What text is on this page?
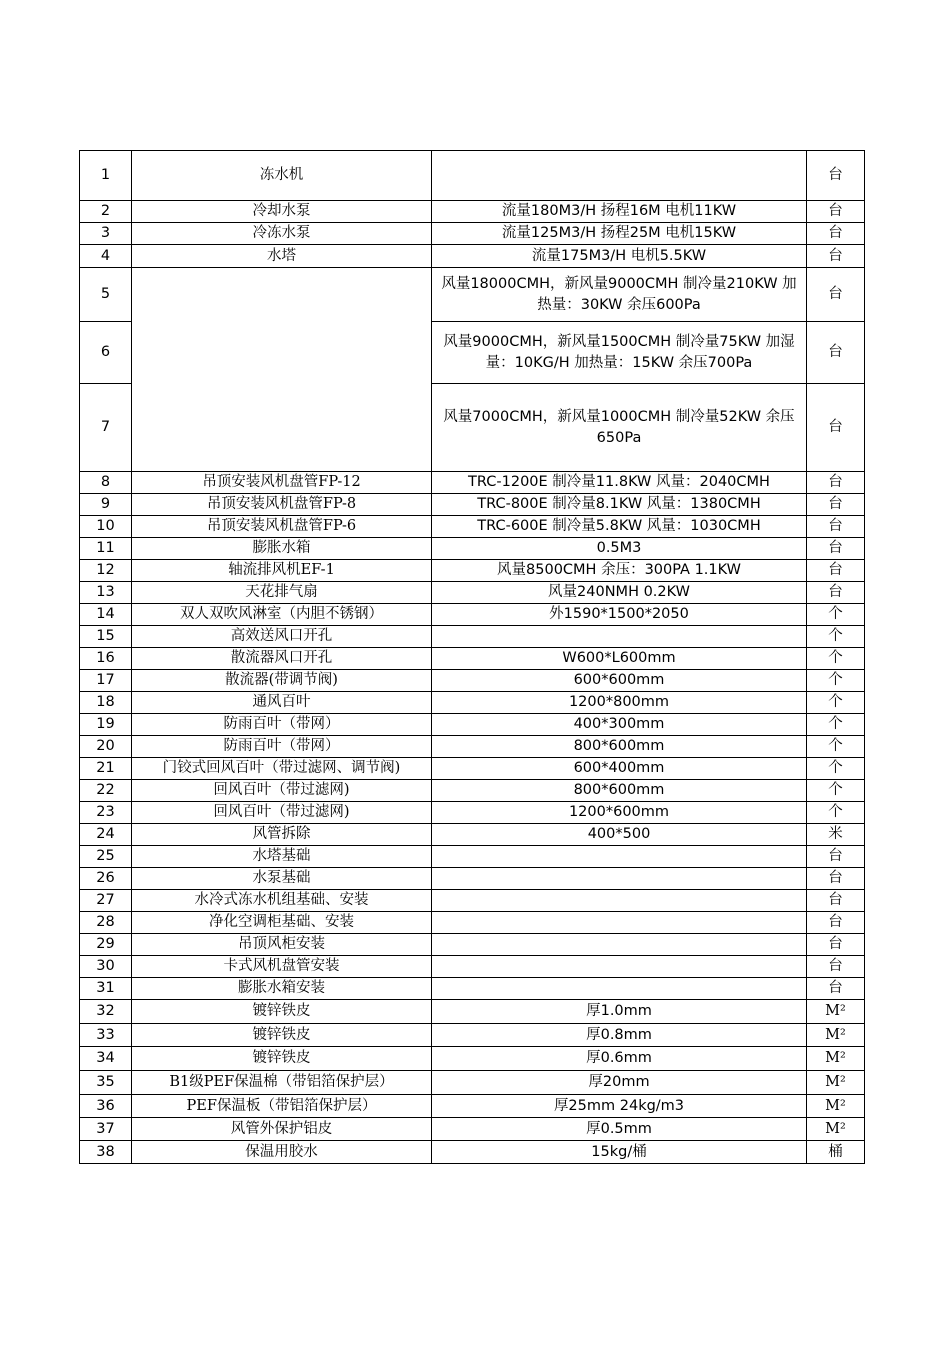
1	冻水机		台
2	冷却水泵	流量180M3/H 扬程16M 电机11KW	台
3	冷冻水泵	流量125M3/H 扬程25M 电机15KW	台
4	水塔	流量175M3/H 电机5.5KW	台
5		风量18000CMH，新风量9000CMH 制冷量210KW 加热量：30KW 余压600Pa	台
6		风量9000CMH，新风量1500CMH 制冷量75KW 加湿量：10KG/H 加热量：15KW 余压700Pa	台
7		风量7000CMH，新风量1000CMH 制冷量52KW 余压650Pa	台
8	吊顶安装风机盘管FP-12	TRC-1200E 制冷量11.8KW 风量：2040CMH	台
9	吊顶安装风机盘管FP-8	TRC-800E 制冷量8.1KW 风量：1380CMH	台
10	吊顶安装风机盘管FP-6	TRC-600E 制冷量5.8KW 风量：1030CMH	台
11	膨胀水箱	0.5M3	台
12	轴流排风机EF-1	风量8500CMH 余压：300PA 1.1KW	台
13	天花排气扇	风量240NMH 0.2KW	台
14	双人双吹风淋室（内胆不锈钢）	外1590*1500*2050	个
15	高效送风口开孔		个
16	散流器风口开孔	W600*L600mm	个
17	散流器(带调节阀)	600*600mm	个
18	通风百叶	1200*800mm	个
19	防雨百叶（带网）	400*300mm	个
20	防雨百叶（带网）	800*600mm	个
21	门铰式回风百叶（带过滤网、调节阀)	600*400mm	个
22	回风百叶（带过滤网)	800*600mm	个
23	回风百叶（带过滤网)	1200*600mm	个
24	风管拆除	400*500	米
25	水塔基础		台
26	水泵基础		台
27	水冷式冻水机组基础、安装		台
28	净化空调柜基础、安装		台
29	吊顶风柜安装		台
30	卡式风机盘管安装		台
31	膨胀水箱安装		台
32	镀锌铁皮	厚1.0mm	M²
33	镀锌铁皮	厚0.8mm	M²
34	镀锌铁皮	厚0.6mm	M²
35	B1级PEF保温棉（带铝箔保护层）	厚20mm	M²
36	PEF保温板（带铝箔保护层）	厚25mm 24kg/m3	M²
37	风管外保护铝皮	厚0.5mm	M²
38	保温用胶水	15kg/桶	桶
